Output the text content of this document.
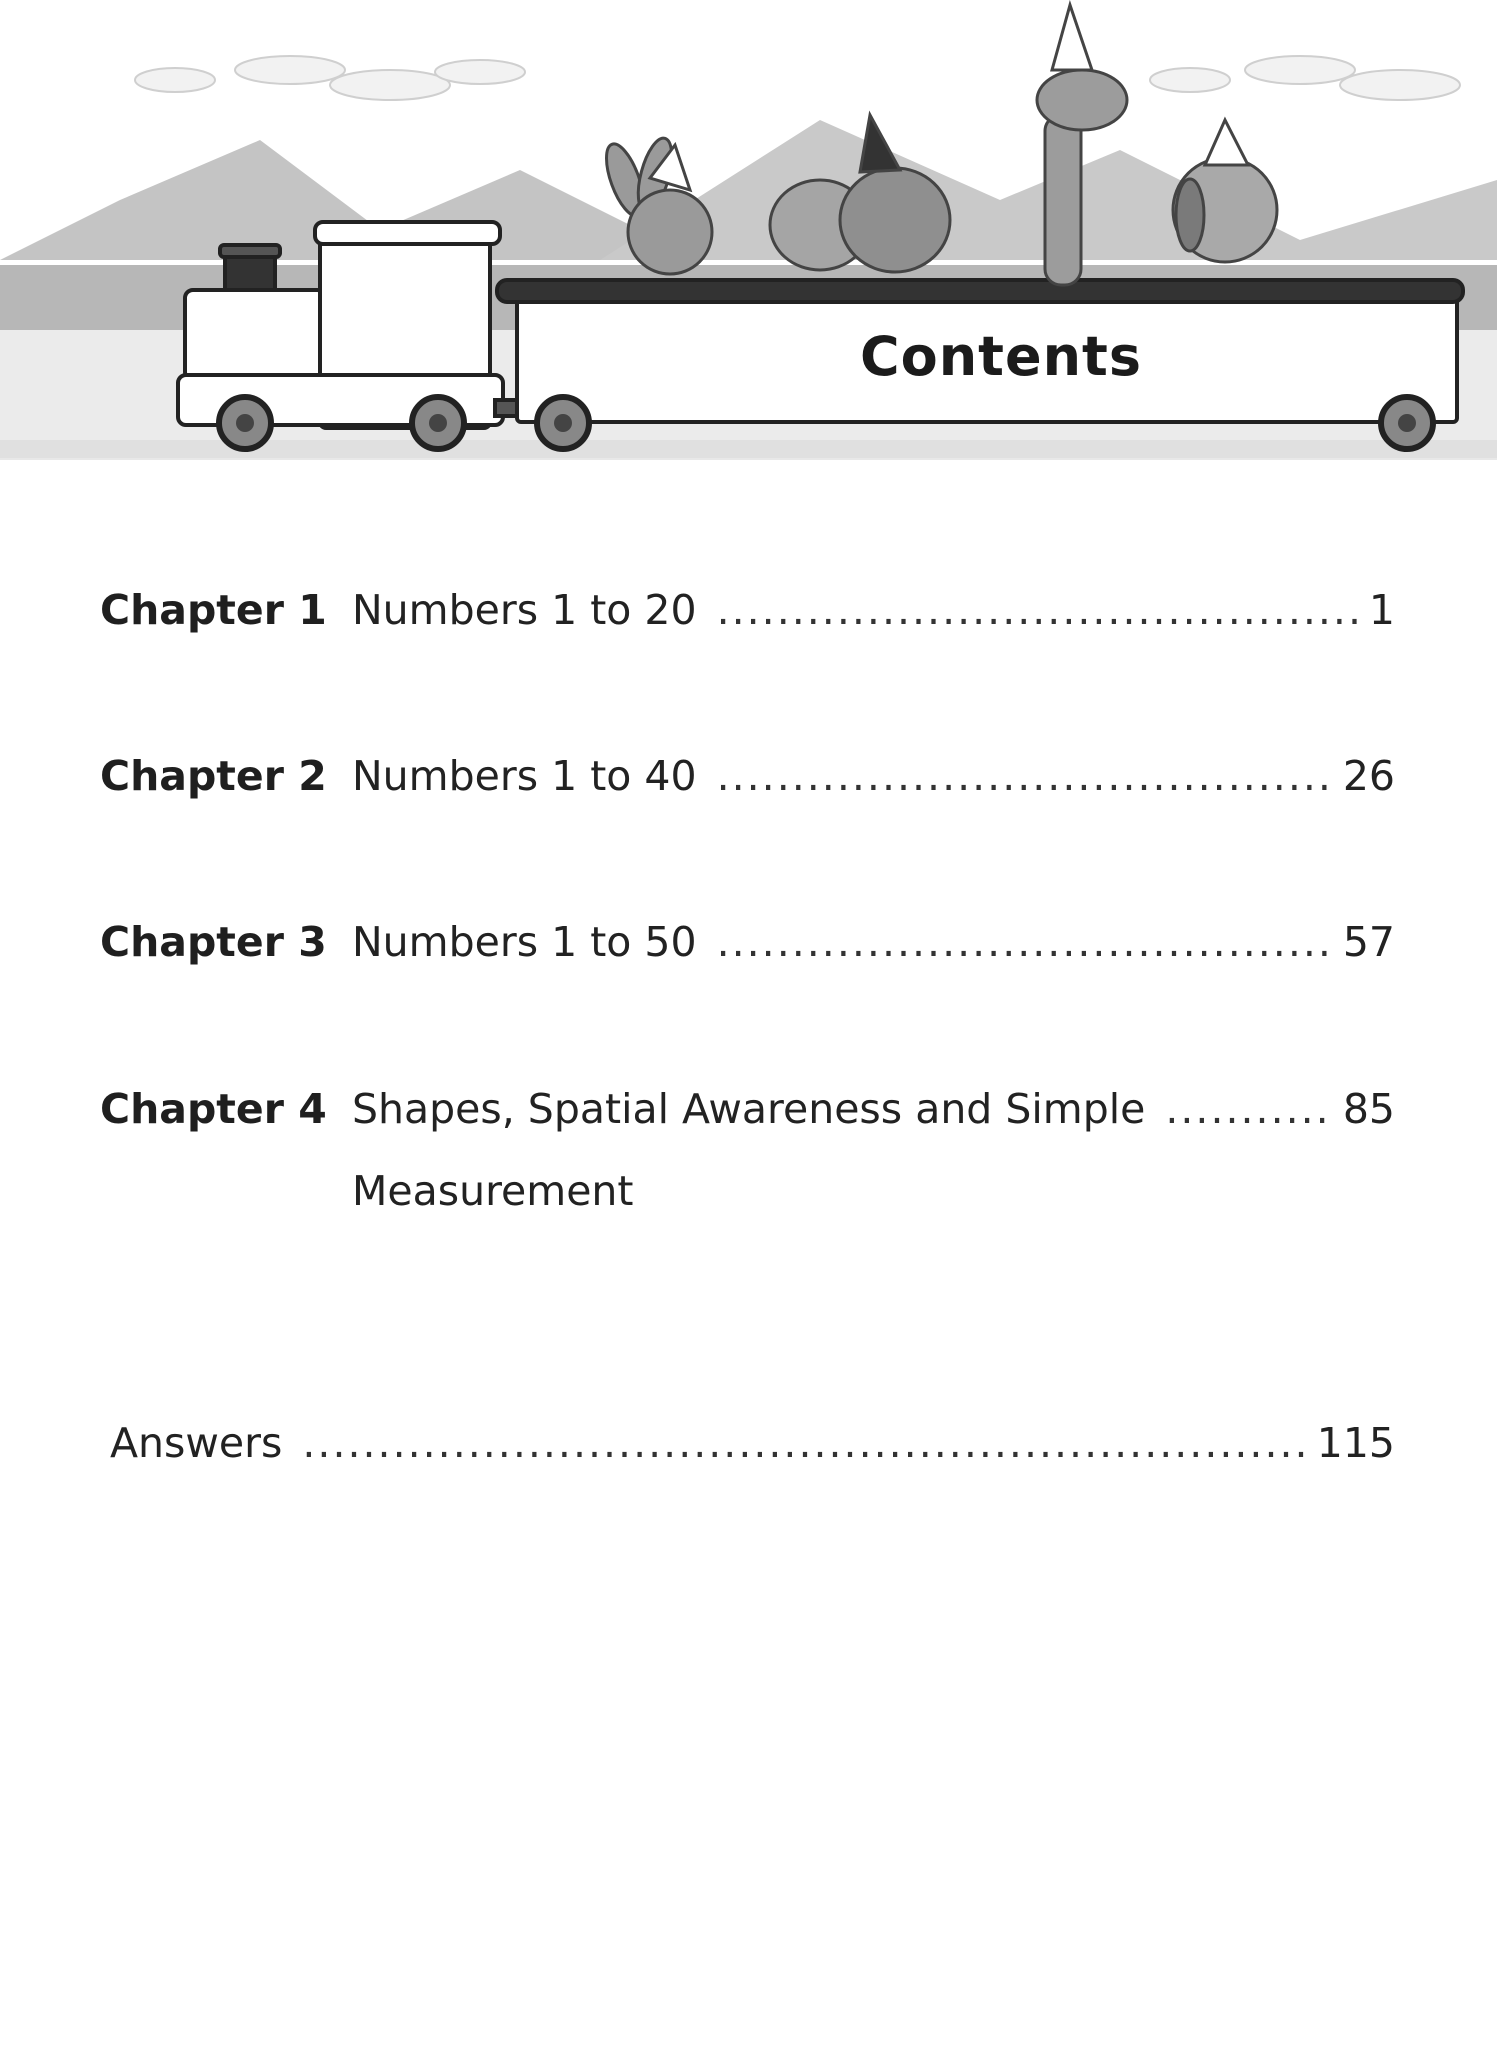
Contents
Chapter 1 Numbers 1 to 20 .....	1
Chapter 2 Numbers 1 to 40 .....	26
Chapter 3 Numbers 1 to 50 .....	57
Chapter 4 Shapes, Spatial Awareness and Simple .....	85
Measurement
Answers .....	115
